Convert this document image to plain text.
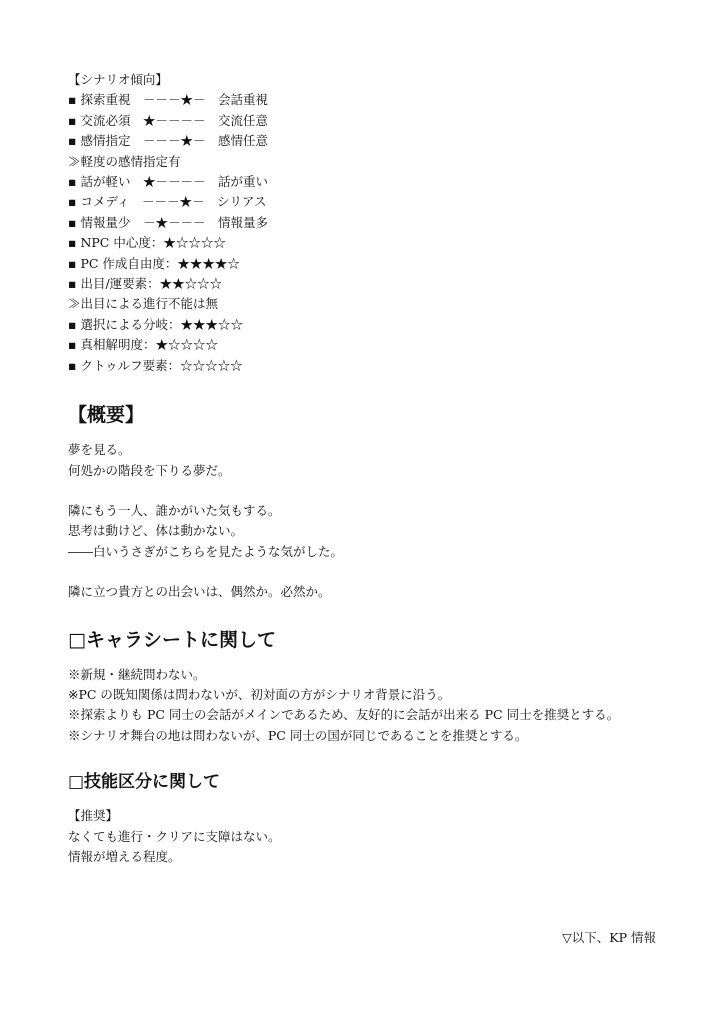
【シナリオ傾向】
▪ 探索重視　－－－★－　会話重視
▪ 交流必須　★－－－－　交流任意
▪ 感情指定　－－－★－　感情任意
≫軽度の感情指定有
▪ 話が軽い　★－－－－　話が重い
▪ コメディ　－－－★－　シリアス
▪ 情報量少　－★－－－　情報量多
▪ NPC 中心度：★☆☆☆☆
▪ PC 作成自由度：★★★★☆
▪ 出目/運要素：★★☆☆☆
≫出目による進行不能は無
▪ 選択による分岐：★★★☆☆
▪ 真相解明度：★☆☆☆☆
▪ クトゥルフ要素：☆☆☆☆☆
【概要】
夢を見る。
何処かの階段を下りる夢だ。
隣にもう一人、誰かがいた気もする。
思考は動けど、体は動かない。
――白いうさぎがこちらを見たような気がした。
隣に立つ貴方との出会いは、偶然か。必然か。
□キャラシートに関して
※新規・継続問わない。
※PC の既知関係は問わないが、初対面の方がシナリオ背景に沿う。
※探索よりも PC 同士の会話がメインであるため、友好的に会話が出来る PC 同士を推奨とする。
※シナリオ舞台の地は問わないが、PC 同士の国が同じであることを推奨とする。
□技能区分に関して
【推奨】
なくても進行・クリアに支障はない。
情報が増える程度。
▽以下、KP 情報
